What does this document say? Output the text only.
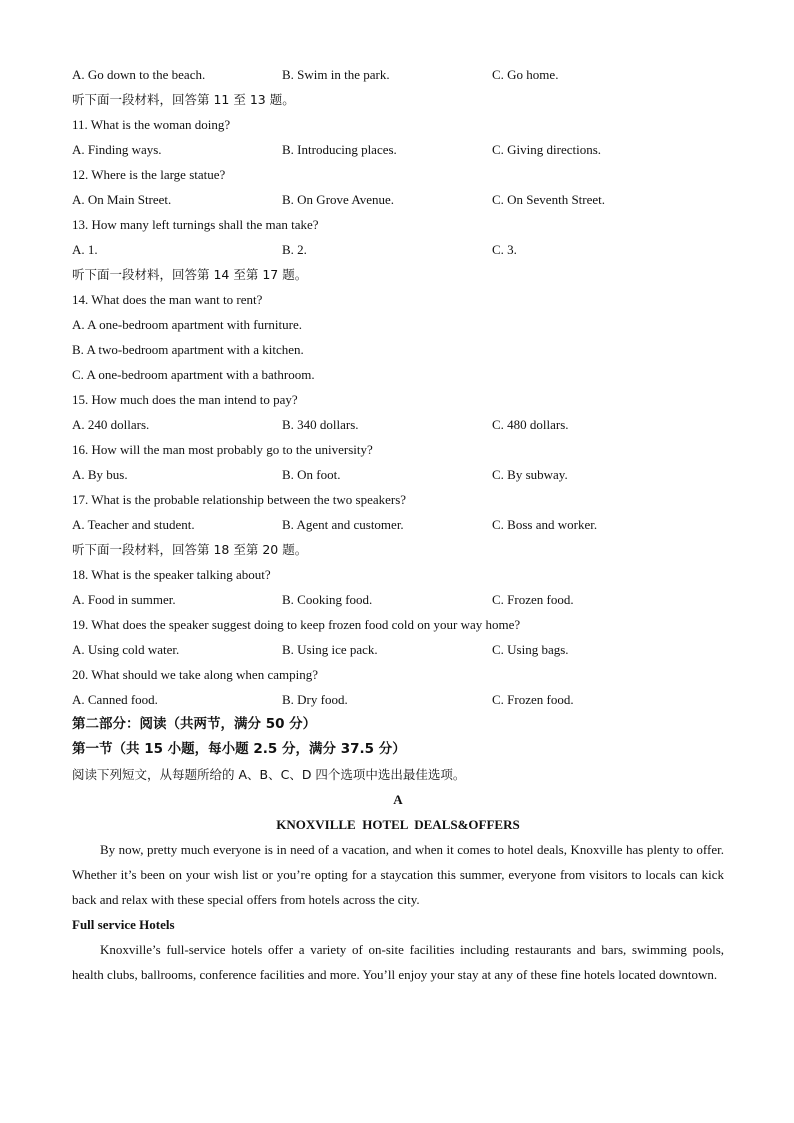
A. Go down to the beach.	B. Swim in the park.	C. Go home.
听下面一段材料，回答第 11 至 13 题。
11. What is the woman doing?
A. Finding ways.	B. Introducing places.	C. Giving directions.
12. Where is the large statue?
A. On Main Street.	B. On Grove Avenue.	C. On Seventh Street.
13. How many left turnings shall the man take?
A. 1.	B. 2.	C. 3.
听下面一段材料，回答第 14 至第 17 题。
14. What does the man want to rent?
A. A one-bedroom apartment with furniture.
B. A two-bedroom apartment with a kitchen.
C. A one-bedroom apartment with a bathroom.
15. How much does the man intend to pay?
A. 240 dollars.	B. 340 dollars.	C. 480 dollars.
16. How will the man most probably go to the university?
A. By bus.	B. On foot.	C. By subway.
17. What is the probable relationship between the two speakers?
A. Teacher and student.	B. Agent and customer.	C. Boss and worker.
听下面一段材料，回答第 18 至第 20 题。
18. What is the speaker talking about?
A. Food in summer.	B. Cooking food.	C. Frozen food.
19. What does the speaker suggest doing to keep frozen food cold on your way home?
A. Using cold water.	B. Using ice pack.	C. Using bags.
20. What should we take along when camping?
A. Canned food.	B. Dry food.	C. Frozen food.
第二部分：阅读（共两节，满分 50 分）
第一节（共 15 小题，每小题 2.5 分，满分 37.5 分）
阅读下列短文，从每题所给的 A、B、C、D 四个选项中选出最佳选项。
A
KNOXVILLE  HOTEL  DEALS&OFFERS
By now, pretty much everyone is in need of a vacation, and when it comes to hotel deals, Knoxville has plenty to offer. Whether it’s been on your wish list or you’re opting for a staycation this summer, everyone from visitors to locals can kick back and relax with these special offers from hotels across the city.
Full service Hotels
Knoxville’s full-service hotels offer a variety of on-site facilities including restaurants and bars, swimming pools, health clubs, ballrooms, conference facilities and more. You’ll enjoy your stay at any of these fine hotels located downtown.
